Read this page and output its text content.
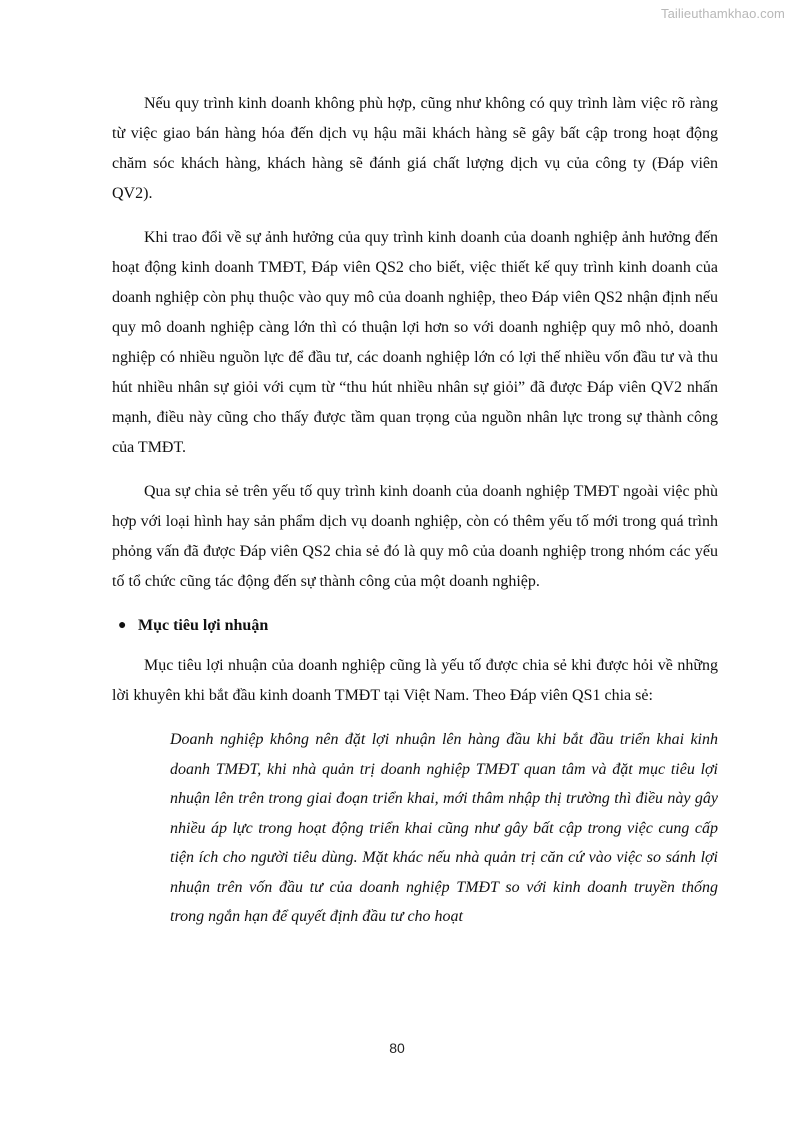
Tailieuthamkhao.com

Nếu quy trình kinh doanh không phù hợp, cũng như không có quy trình làm việc rõ ràng từ việc giao bán hàng hóa đến dịch vụ hậu mãi khách hàng sẽ gây bất cập trong hoạt động chăm sóc khách hàng, khách hàng sẽ đánh giá chất lượng dịch vụ của công ty (Đáp viên QV2).

Khi trao đổi về sự ảnh hưởng của quy trình kinh doanh của doanh nghiệp ảnh hưởng đến hoạt động kinh doanh TMĐT, Đáp viên QS2 cho biết, việc thiết kế quy trình kinh doanh của doanh nghiệp còn phụ thuộc vào quy mô của doanh nghiệp, theo Đáp viên QS2 nhận định nếu quy mô doanh nghiệp càng lớn thì có thuận lợi hơn so với doanh nghiệp quy mô nhỏ, doanh nghiệp có nhiều nguồn lực để đầu tư, các doanh nghiệp lớn có lợi thế nhiều vốn đầu tư và thu hút nhiều nhân sự giỏi với cụm từ “thu hút nhiều nhân sự giỏi” đã được Đáp viên QV2 nhấn mạnh, điều này cũng cho thấy được tầm quan trọng của nguồn nhân lực trong sự thành công của TMĐT.

Qua sự chia sẻ trên yếu tố quy trình kinh doanh của doanh nghiệp TMĐT ngoài việc phù hợp với loại hình hay sản phẩm dịch vụ doanh nghiệp, còn có thêm yếu tố mới trong quá trình phỏng vấn đã được Đáp viên QS2 chia sẻ đó là quy mô của doanh nghiệp trong nhóm các yếu tố tổ chức cũng tác động đến sự thành công của một doanh nghiệp.

● Mục tiêu lợi nhuận

Mục tiêu lợi nhuận của doanh nghiệp cũng là yếu tố được chia sẻ khi được hỏi về những lời khuyên khi bắt đầu kinh doanh TMĐT tại Việt Nam. Theo Đáp viên QS1 chia sẻ:

Doanh nghiệp không nên đặt lợi nhuận lên hàng đầu khi bắt đầu triển khai kinh doanh TMĐT, khi nhà quản trị doanh nghiệp TMĐT quan tâm và đặt mục tiêu lợi nhuận lên trên trong giai đoạn triển khai, mới thâm nhập thị trường thì điều này gây nhiều áp lực trong hoạt động triển khai cũng như gây bất cập trong việc cung cấp tiện ích cho người tiêu dùng. Mặt khác nếu nhà quản trị căn cứ vào việc so sánh lợi nhuận trên vốn đầu tư của doanh nghiệp TMĐT so với kinh doanh truyền thống trong ngắn hạn để quyết định đầu tư cho hoạt

80
